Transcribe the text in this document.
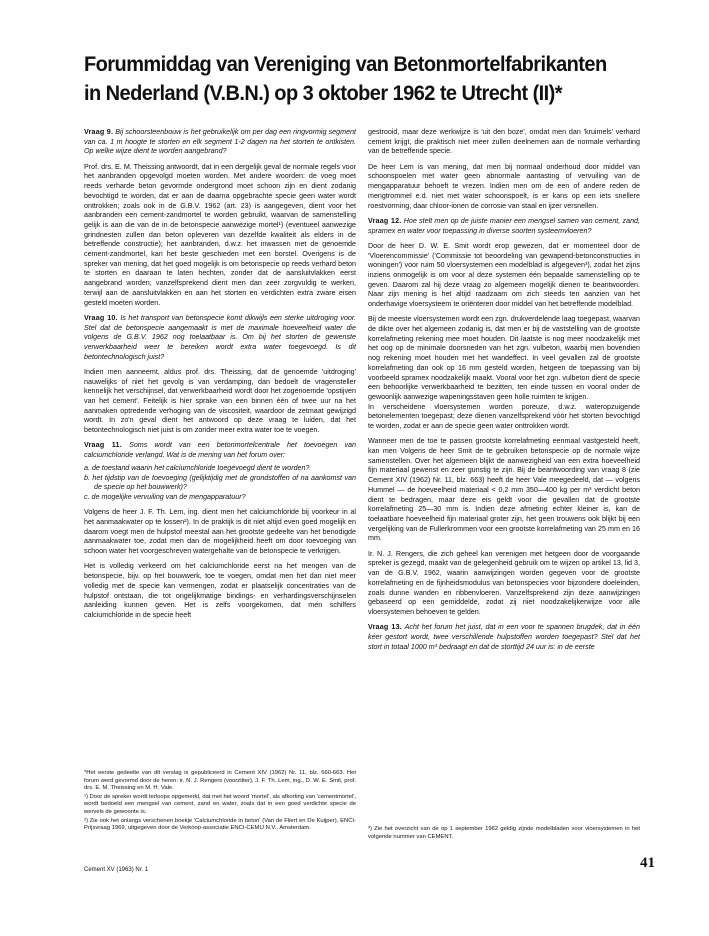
Forummiddag van Vereniging van Betonmortelfabrikanten
in Nederland (V.B.N.) op 3 oktober 1962 te Utrecht (II)*

Vraag 9. Bij schoorsteenbouw is het gebruikelijk om per dag een ringvormig segment van ca. 1 m hoogte te storten en elk segment 1-2 dagen na het storten te ontkisten. Op welke wijze dient te worden aangebrand?

Prof. drs. E. M. Theissing antwoordt, dat in een dergelijk geval de normale regels voor het aanbranden opgevolgd moeten worden. Met andere woorden: de voeg moet reeds verharde beton gevormde ondergrond moet schoon zijn en dient zodanig bevochtigd te worden, dat er aan de daarna opgebrachte specie geen water wordt onttrokken; zoals ook in de G.B.V. 1962 (art. 23) is aangegeven, dient voor het aanbranden een cement-zandmortel te worden gebruikt, waarvan de samenstelling gelijk is aan die van de in de betonspecie aanwezige mortel¹) (eventueel aanwezige grindnesten zullen dan beton opleveren van dezelfde kwaliteit als elders in de betreffende constructie); het aanbranden, d.w.z. het inwassen met de genoemde cement-zandmortel, kan het beste geschieden met een borstel. Overigens is de spreker van mening, dat het goed mogelijk is om betonspecie op reeds verhard beton te storten en daaraan te laten hechten, zonder dat de aansluitvlakken eerst aangebrand worden; vanzelfsprekend dient men dan zeer zorgvuldig te werken, terwijl aan de aansluitvlakken en aan het storten en verdichten extra zware eisen gesteld moeten worden.

Vraag 10. Is het transport van betonspecie komt dikwijls een sterke uitdroging voor. Stel dat de betonspecie aangemaakt is met de maximale hoeveelheid water die volgens de G.B.V. 1962 nog toelaatbaar is. Om bij het storten de gewenste verwerkbaarheid weer te bereiken wordt extra water toegevoegd. Is dit betontechnologisch juist?

Indien men aanneemt, aldus prof. drs. Theissing, dat de genoemde 'uitdroging' nauwelijks of niet het gevolg is van verdamping, dan bedoelt de vragensteller kennelijk het verschijnsel, dat verwerkbaarheid wordt door het zogenoemde 'opstijven van het cement'. Feitelijk is hier sprake van een binnen één of twee uur na het aanmaken optredende verhoging van de viscositeit, waardoor de zetmaat gewijzigd wordt. In zo'n geval dient het antwoord op deze vraag te luiden, dat het betontechnologisch niet juist is om zonder meer extra water toe te voegen.

Vraag 11. Soms wordt van een betonmortelcentrale het toevoegen van calciumchloride verlangd. Wat is de mening van het forum over:

a. de toestand waarin het calciumchloride toegevoegd dient te worden?
b. het tijdstip van de toevoeging (gelijktijdig met de grondstoffen of na aankomst van de specie op het bouwwerk)?
c. de mogelijke vervuiling van de mengapparatuur?

Volgens de heer J. F. Th. Lem, ing. dient men het calciumchloride bij voorkeur in al het aanmaakwater op te lossen²). In de praktijk is dit niet altijd even goed mogelijk en daarom voegt men de hulpstof meestal aan het grootste gedeelte van het benodigde aanmaakwater toe, zodat men dan de mogelijkheid heeft om door toevoeging van schoon water het voorgeschreven watergehalte van de betonspecie te verkrijgen.

Het is volledig verkeerd om het calciumchloride eerst na het mengen van de betonspecie, bijv. op het bouwwerk, toe te voegen, omdat men het dan niet meer volledig met de specie kan vermengen, zodat er plaatselijk concentraties van de hulpstof ontstaan, die tot ongelijkmatige bindings- en verhardingsverschijnselen aanleiding kunnen geven. Het is zelfs voorgekomen, dat men schilfers calciumchloride in de specie heeft

gestrooid, maar deze werkwijze is 'uit den boze', omdat men dan 'kruimels' verhard cement krijgt, die praktisch niet meer zullen deelnemen aan de normale verharding van de betreffende specie.

De heer Lem is van mening, dat men bij normaal onderhoud door middel van schoonspoelen met water geen abnormale aantasting of vervuiling van de mengapparatuur behoeft te vrezen. Indien men om de een of andere reden de mengtrommel e.d. niet met water schoonspoelt, is er kans op een iets snellere roestvorming, daar chloor-ionen de corrosie van staal en ijzer versnellen.

Vraag 12. Hoe stelt men op de juiste manier een mengsel samen van cement, zand, spramex en water voor toepassing in diverse soorten systeemvloeren?

Door de heer D. W. E. Smit wordt erop gewezen, dat er momenteel door de 'Vloerencommissie' ('Commissie tot beoordeling van gewapend-betonconstructies in woningen') voor ruim 50 vloersystemen een modelblad is afgegeven³), zodat het zijns inziens onmogelijk is om voor al deze systemen één bepaalde samenstelling op te geven. Daarom zal hij deze vraag zo algemeen mogelijk dienen te beantwoorden. Naar zijn mening is het altijd raadzaam om zich steeds ten aanzien van het onderhavige vloersysteem te oriënteren door middel van het betreffende modelblad.

Bij de meeste vloersystemen wordt een zgn. drukverdelende laag toegepast, waarvan de dikte over het algemeen zodanig is, dat men er bij de vaststelling van de grootste korrelafmeting rekening mee moet houden. Dit laatste is nog meer noodzakelijk met het oog op de minimale doorsneden van het zgn. vulbeton, waarbij men bovendien nog rekening moet houden met het wandeffect. In veel gevallen zal de grootste korrelafmeting dan ook op 16 mm gesteld worden, hetgeen de toepassing van bij voorbeeld spramex noodzakelijk maakt. Vooral voor het zgn. vulbeton dient de specie een behoorlijke verwerkbaarheid te bezitten, ten einde tussen en vooral onder de gewoonlijk aanwezige wapeningsstaven geen holle ruimten te krijgen.

In verscheidene vloersystemen worden poreuze, d.w.z. wateropzuigende betonelementen toegepast; deze dienen vanzelfsprekend vóór het storten bevochtigd te worden, zodat er aan de specie geen water onttrokken wordt.

Wanneer men de toe te passen grootste korrelafmeting eenmaal vastgesteld heeft, kan men Volgens de heer Smit de te gebruiken betonspecie op de normale wijze samenstellen. Over het algemeen blijkt de aanwezigheid van een extra hoeveelheid fijn materiaal gewenst en zeer gunstig te zijn. Bij de beantwoording van vraag 8 (zie Cement XIV (1962) Nr. 11, blz. 663) heeft de heer Vale meegedeeld, dat — volgens Hummel — de hoeveelheid materiaal < 0,2 mm 350—400 kg per m³ verdicht beton dient te bedragen, maar deze eis geldt voor die gevallen dat de grootste korrelafmeting 25—30 mm is. Indien deze afmeting echter kleiner is, kan de toelaatbare hoeveelheid fijn materiaal groter zijn, het geen trouwens ook blijkt bij een vergelijking van de Fullerkrommen voor een grootste korrelafmeting van 25 mm en 16 mm.

Ir. N. J. Rengers, die zich geheel kan verenigen met hetgeen door de voorgaande spreker is gezegd, maakt van de gelegenheid gebruik om te wijzen op artikel 13, lid 3, van de G.B.V. 1962, waarin aanwijzingen worden gegeven voor de grootste korrelafmeting en de fijnheidsmodulus van betonspecies voor bijzondere doeleinden, zoals dunne wanden en ribbenvloeren. Vanzelfsprekend zijn deze aanwijzingen gebaseerd op een gemiddelde, zodat zij niet noodzakelijkerwijze voor alle vloersystemen behoeven te gelden.

Vraag 13. Acht het forum het juist, dat in een voor te spannen brugdek, dat in één keer gestort wordt, twee verschillende hulpstoffen worden toegepast? Stel dat het stort in totaal 1000 m³ bedraagt en dat de storttijd 24 uur is: in de eerste

*Het eerste gedeelte van dit verslag is gepubliceerd in Cement XIV (1962) Nr. 11, blz. 660-663. Het forum werd gevormd door de heren: ir. N. J. Rengers (voorzitter), J. F. Th. Lem, ing., D. W. E. Smit, prof. drs. E. M. Theissing en M. H. Vale.

¹) Door de spreker wordt terloops opgemerkt, dat met het woord 'mortel', als afkorting van 'cementmortel', wordt bedoeld een mengsel van cement, zand en water, zoals dat in een goed verdichte specie de wervels de gewoonte is.

²) Zie ook het onlangs verschenen boekje 'Calciumchloride in beton' (Van de Fliert en De Kuijper), ENCI-Prijsvraag 1969, uitgegeven door de Verkoop-associatie ENCI-CEMIJ N.V., Amsterdam.	³) Zie het overzicht van de op 1 september 1962 geldig zijnde modelbladen voor vloersystemen in het volgende nummer van CEMENT.

Cement XV (1963) Nr. 1	41
